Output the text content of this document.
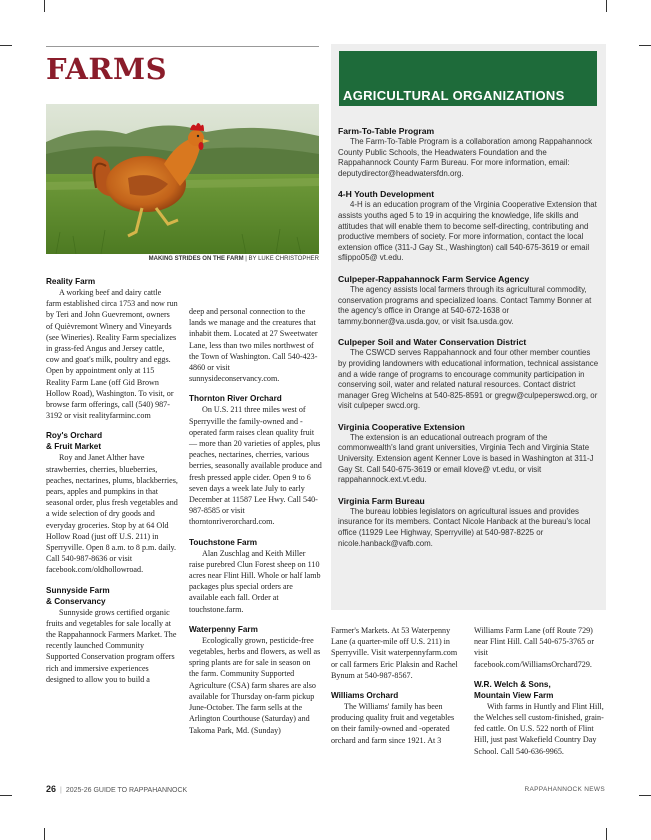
FARMS
MAKING STRIDES ON THE FARM | BY LUKE CHRISTOPHER
Reality Farm

A working beef and dairy cattle farm established circa 1753 and now run by Teri and John Guevremont, owners of Quièvremont Winery and Vineyards (see Wineries). Reality Farm specializes in grass-fed Angus and Jersey cattle, cow and goat's milk, poultry and eggs. Open by appointment only at 115 Reality Farm Lane (off Gid Brown Hollow Road), Washington. To visit, or browse farm offerings, call (540) 987-3192 or visit realityfarminc.com

Roy's Orchard
& Fruit Market

Roy and Janet Alther have strawberries, cherries, blueberries, peaches, nectarines, plums, blackberries, pears, apples and pumpkins in that seasonal order, plus fresh vegetables and a wide selection of dry goods and everyday groceries. Stop by at 64 Old Hollow Road (just off U.S. 211) in Sperryville. Open 8 a.m. to 8 p.m. daily. Call 540-987-8636 or visit facebook.com/oldhollowroad.

Sunnyside Farm
& Conservancy

Sunnyside grows certified organic fruits and vegetables for sale locally at the Rappahannock Farmers Market. The recently launched Community Supported Conservation program offers rich and immersive experiences designed to allow you to build a

deep and personal connection to the lands we manage and the creatures that inhabit them. Located at 27 Sweetwater Lane, less than two miles northwest of the Town of Washington. Call 540-423-4860 or visit sunnysideconservancy.com.

Thornton River Orchard

On U.S. 211 three miles west of Sperryville the family-owned and -operated farm raises clean quality fruit — more than 20 varieties of apples, plus peaches, nectarines, cherries, various berries, seasonally available produce and fresh pressed apple cider. Open 9 to 6 seven days a week late July to early December at 11587 Lee Hwy. Call 540-987-8585 or visit thorntonriverorchard.com.

Touchstone Farm

Alan Zuschlag and Keith Miller raise purebred Clun Forest sheep on 110 acres near Flint Hill. Whole or half lamb packages plus special orders are available each fall. Order at touchstone.farm.

Waterpenny Farm

Ecologically grown, pesticide-free vegetables, herbs and flowers, as well as spring plants are for sale in season on the farm. Community Supported Agriculture (CSA) farm shares are also available for Thursday on-farm pickup June-October. The farm sells at the Arlington Courthouse (Saturday) and Takoma Park, Md. (Sunday)

AGRICULTURAL ORGANIZATIONS
Farm-To-Table Program

The Farm-To-Table Program is a collaboration among Rappahannock County Public Schools, the Headwaters Foundation and the Rappahannock County Farm Bureau. For more information, email: deputydirector@headwatersfdn.org.

4-H Youth Development

4-H is an education program of the Virginia Cooperative Extension that assists youths aged 5 to 19 in acquiring the knowledge, life skills and attitudes that will enable them to become self-directing, contributing and productive members of society. For more information, contact the local extension office (311-J Gay St., Washington) call 540-675-3619 or email sflippo05@ vt.edu.

Culpeper-Rappahannock Farm Service Agency

The agency assists local farmers through its agricultural commodity, conservation programs and specialized loans. Contact Tammy Bonner at the agency's office in Orange at 540-672-1638 or tammy.bonner@va.usda.gov, or visit fsa.usda.gov.

Culpeper Soil and Water Conservation District

The CSWCD serves Rappahannock and four other member counties by providing landowners with educational information, technical assistance and a wide range of programs to encourage community participation in conserving soil, water and related natural resources. Contact district manager Greg Wichelns at 540-825-8591 or gregw@culpeperswcd.org, or visit culpeper swcd.org.

Virginia Cooperative Extension

The extension is an educational outreach program of the commonwealth's land grant universities, Virginia Tech and Virginia State University. Extension agent Kenner Love is based in Washington at 311-J Gay St. Call 540-675-3619 or email klove@ vt.edu, or visit rappahannock.ext.vt.edu.

Virginia Farm Bureau

The bureau lobbies legislators on agricultural issues and provides insurance for its members. Contact Nicole Hanback at the bureau's local office (11929 Lee Highway, Sperryville) at 540-987-8225 or nicole.hanback@vafb.com.

Farmer's Markets. At 53 Waterpenny Lane (a quarter-mile off U.S. 211) in Sperryville. Visit waterpennyfarm.com or call farmers Eric Plaksin and Rachel Bynum at 540-987-8567.

Williams Orchard

The Williams' family has been producing quality fruit and vegetables on their family-owned and -operated orchard and farm since 1921. At 3

Williams Farm Lane (off Route 729) near Flint Hill. Call 540-675-3765 or visit facebook.com/WilliamsOrchard729.

W.R. Welch & Sons,
Mountain View Farm

With farms in Huntly and Flint Hill, the Welches sell custom-finished, grain-fed cattle. On U.S. 522 north of Flint Hill, just past Wakefield Country Day School. Call 540-636-9965.

26 | 2025-26 GUIDE TO RAPPAHANNOCK	RAPPAHANNOCK NEWS
